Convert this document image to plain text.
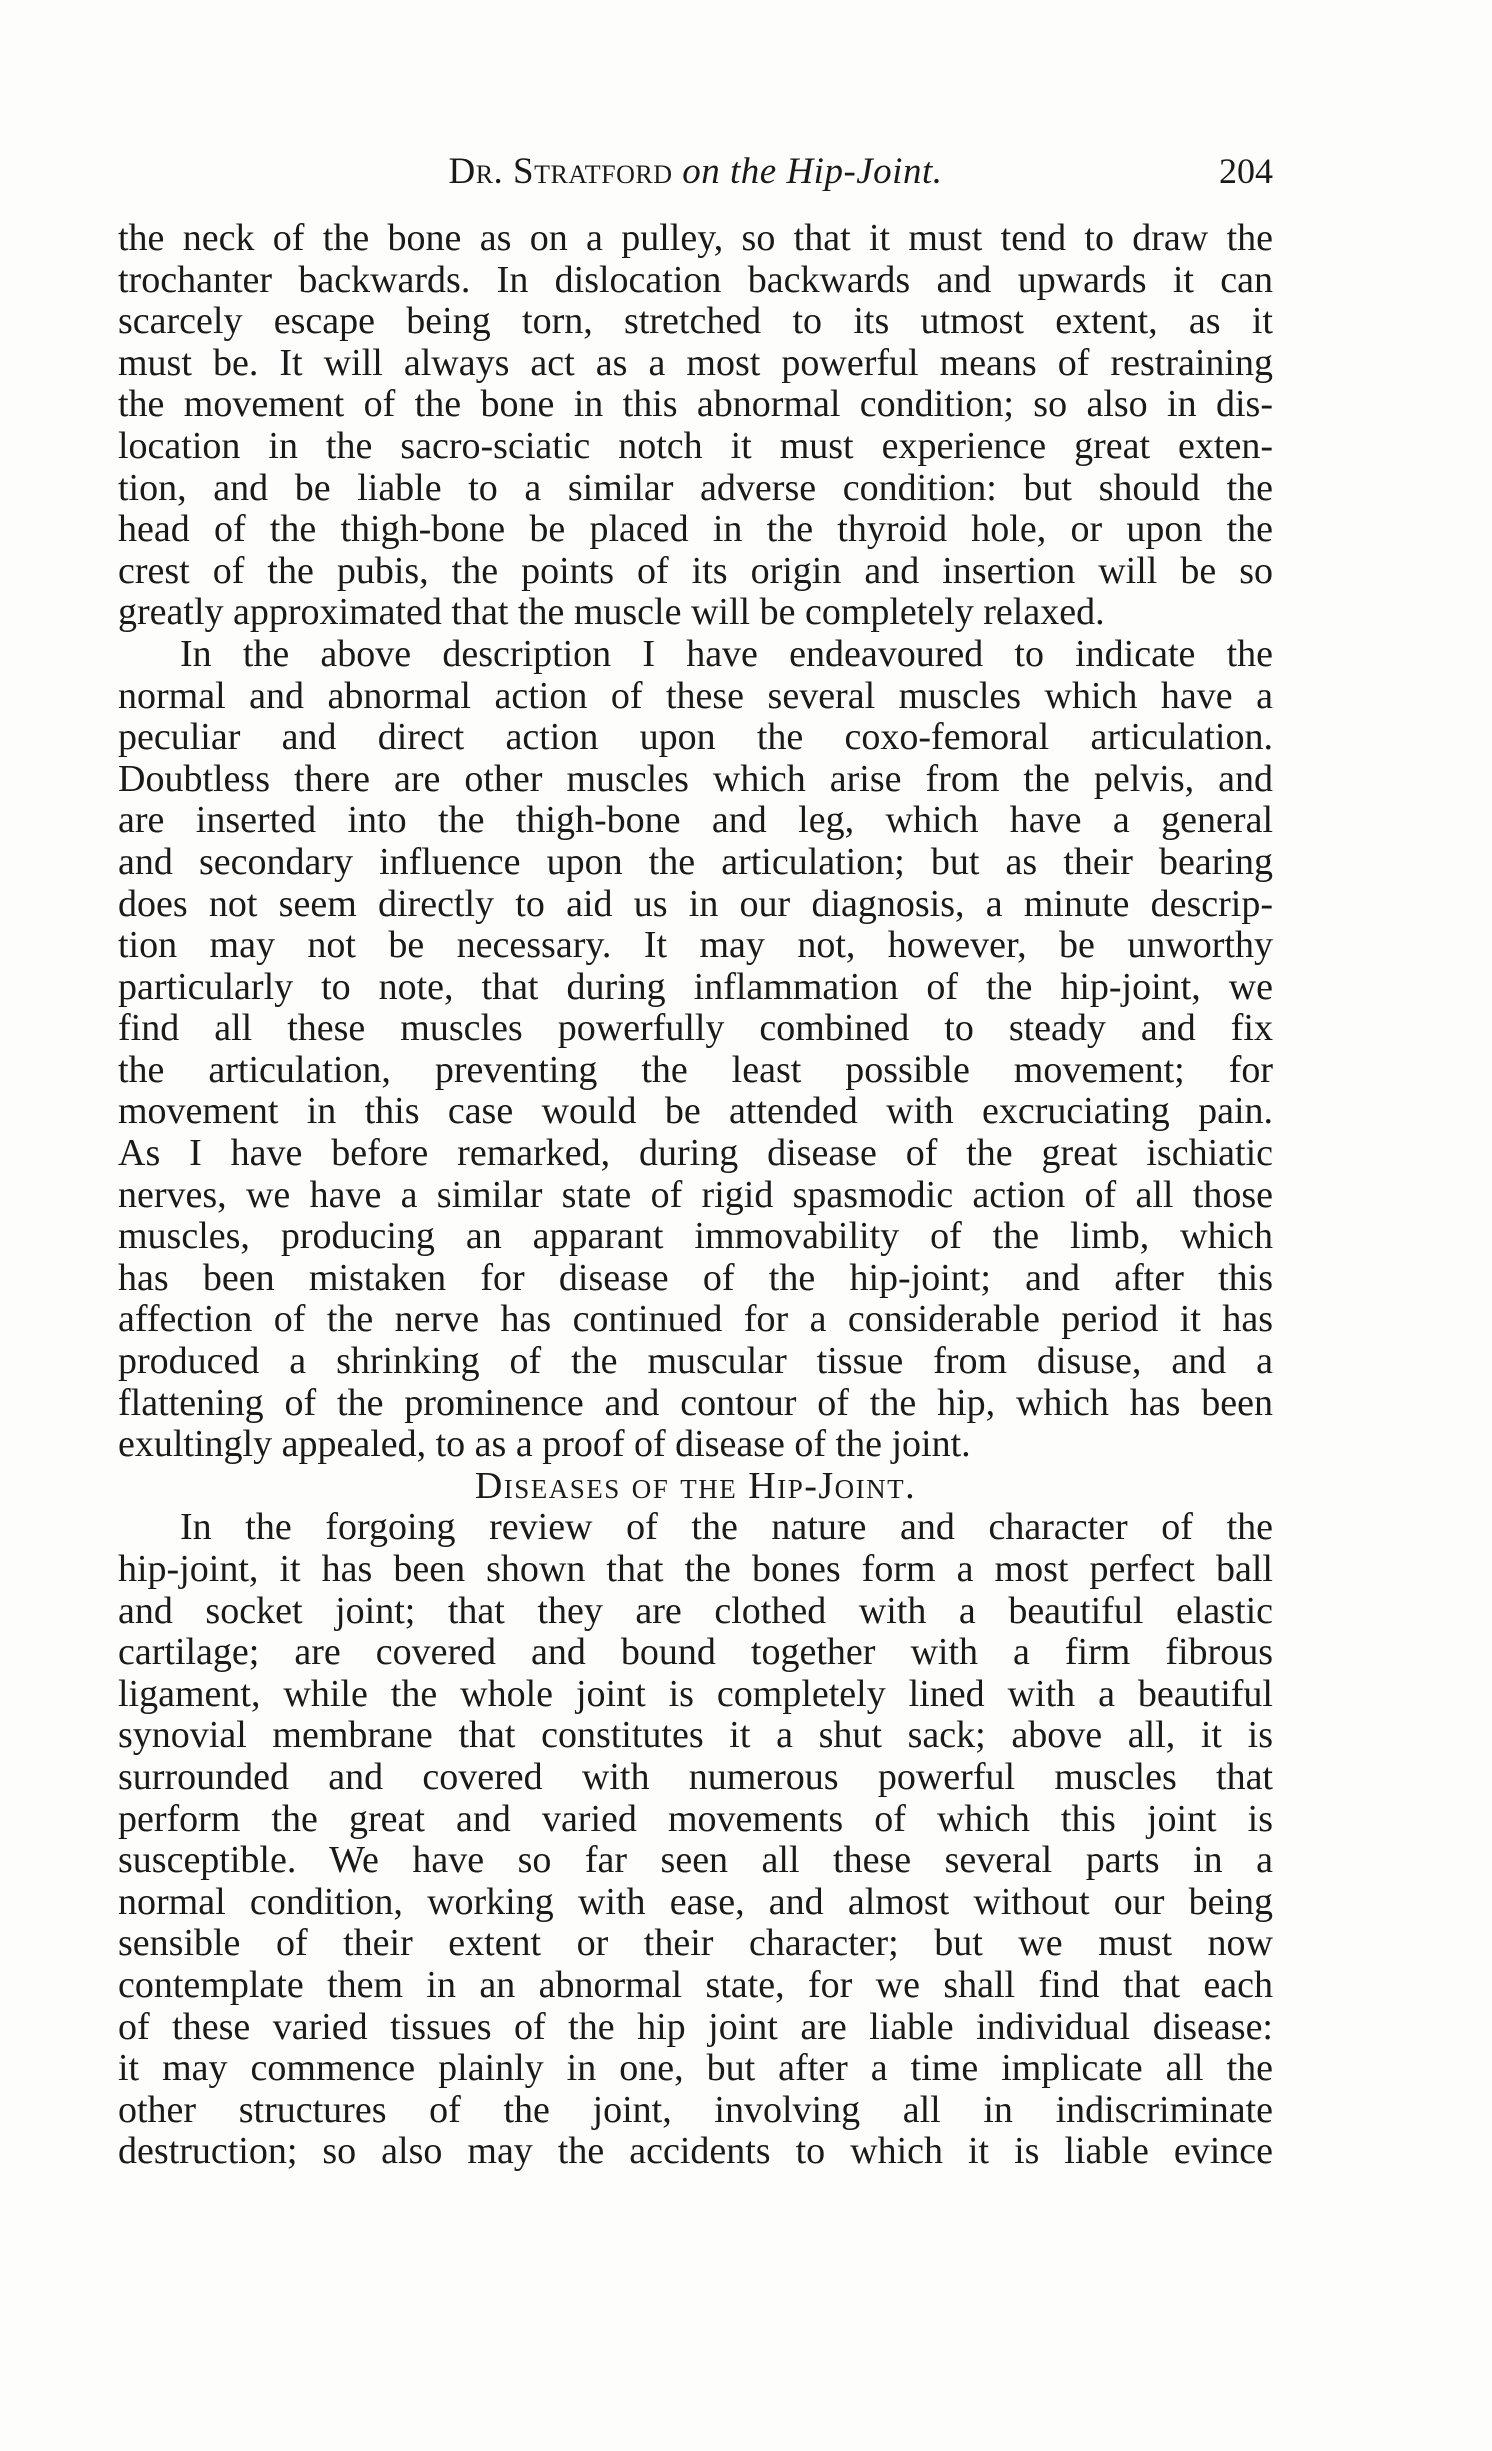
Dr. Stratford on the Hip-Joint.	204
the neck of the bone as on a pulley, so that it must tend to draw the
trochanter backwards. In dislocation backwards and upwards it can
scarcely escape being torn, stretched to its utmost extent, as it
must be. It will always act as a most powerful means of restraining
the movement of the bone in this abnormal condition; so also in dis-
location in the sacro-sciatic notch it must experience great exten-
tion, and be liable to a similar adverse condition: but should the
head of the thigh-bone be placed in the thyroid hole, or upon the
crest of the pubis, the points of its origin and insertion will be so
greatly approximated that the muscle will be completely relaxed.
In the above description I have endeavoured to indicate the
normal and abnormal action of these several muscles which have a
peculiar and direct action upon the coxo-femoral articulation.
Doubtless there are other muscles which arise from the pelvis, and
are inserted into the thigh-bone and leg, which have a general
and secondary influence upon the articulation; but as their bearing
does not seem directly to aid us in our diagnosis, a minute descrip-
tion may not be necessary. It may not, however, be unworthy
particularly to note, that during inflammation of the hip-joint, we
find all these muscles powerfully combined to steady and fix
the articulation, preventing the least possible movement; for
movement in this case would be attended with excruciating pain.
As I have before remarked, during disease of the great ischiatic
nerves, we have a similar state of rigid spasmodic action of all those
muscles, producing an apparant immovability of the limb, which
has been mistaken for disease of the hip-joint; and after this
affection of the nerve has continued for a considerable period it has
produced a shrinking of the muscular tissue from disuse, and a
flattening of the prominence and contour of the hip, which has been
exultingly appealed, to as a proof of disease of the joint.
Diseases of the Hip-Joint.
In the forgoing review of the nature and character of the
hip-joint, it has been shown that the bones form a most perfect ball
and socket joint; that they are clothed with a beautiful elastic
cartilage; are covered and bound together with a firm fibrous
ligament, while the whole joint is completely lined with a beautiful
synovial membrane that constitutes it a shut sack; above all, it is
surrounded and covered with numerous powerful muscles that
perform the great and varied movements of which this joint is
susceptible. We have so far seen all these several parts in a
normal condition, working with ease, and almost without our being
sensible of their extent or their character; but we must now
contemplate them in an abnormal state, for we shall find that each
of these varied tissues of the hip joint are liable individual disease:
it may commence plainly in one, but after a time implicate all the
other structures of the joint, involving all in indiscriminate
destruction; so also may the accidents to which it is liable evince
